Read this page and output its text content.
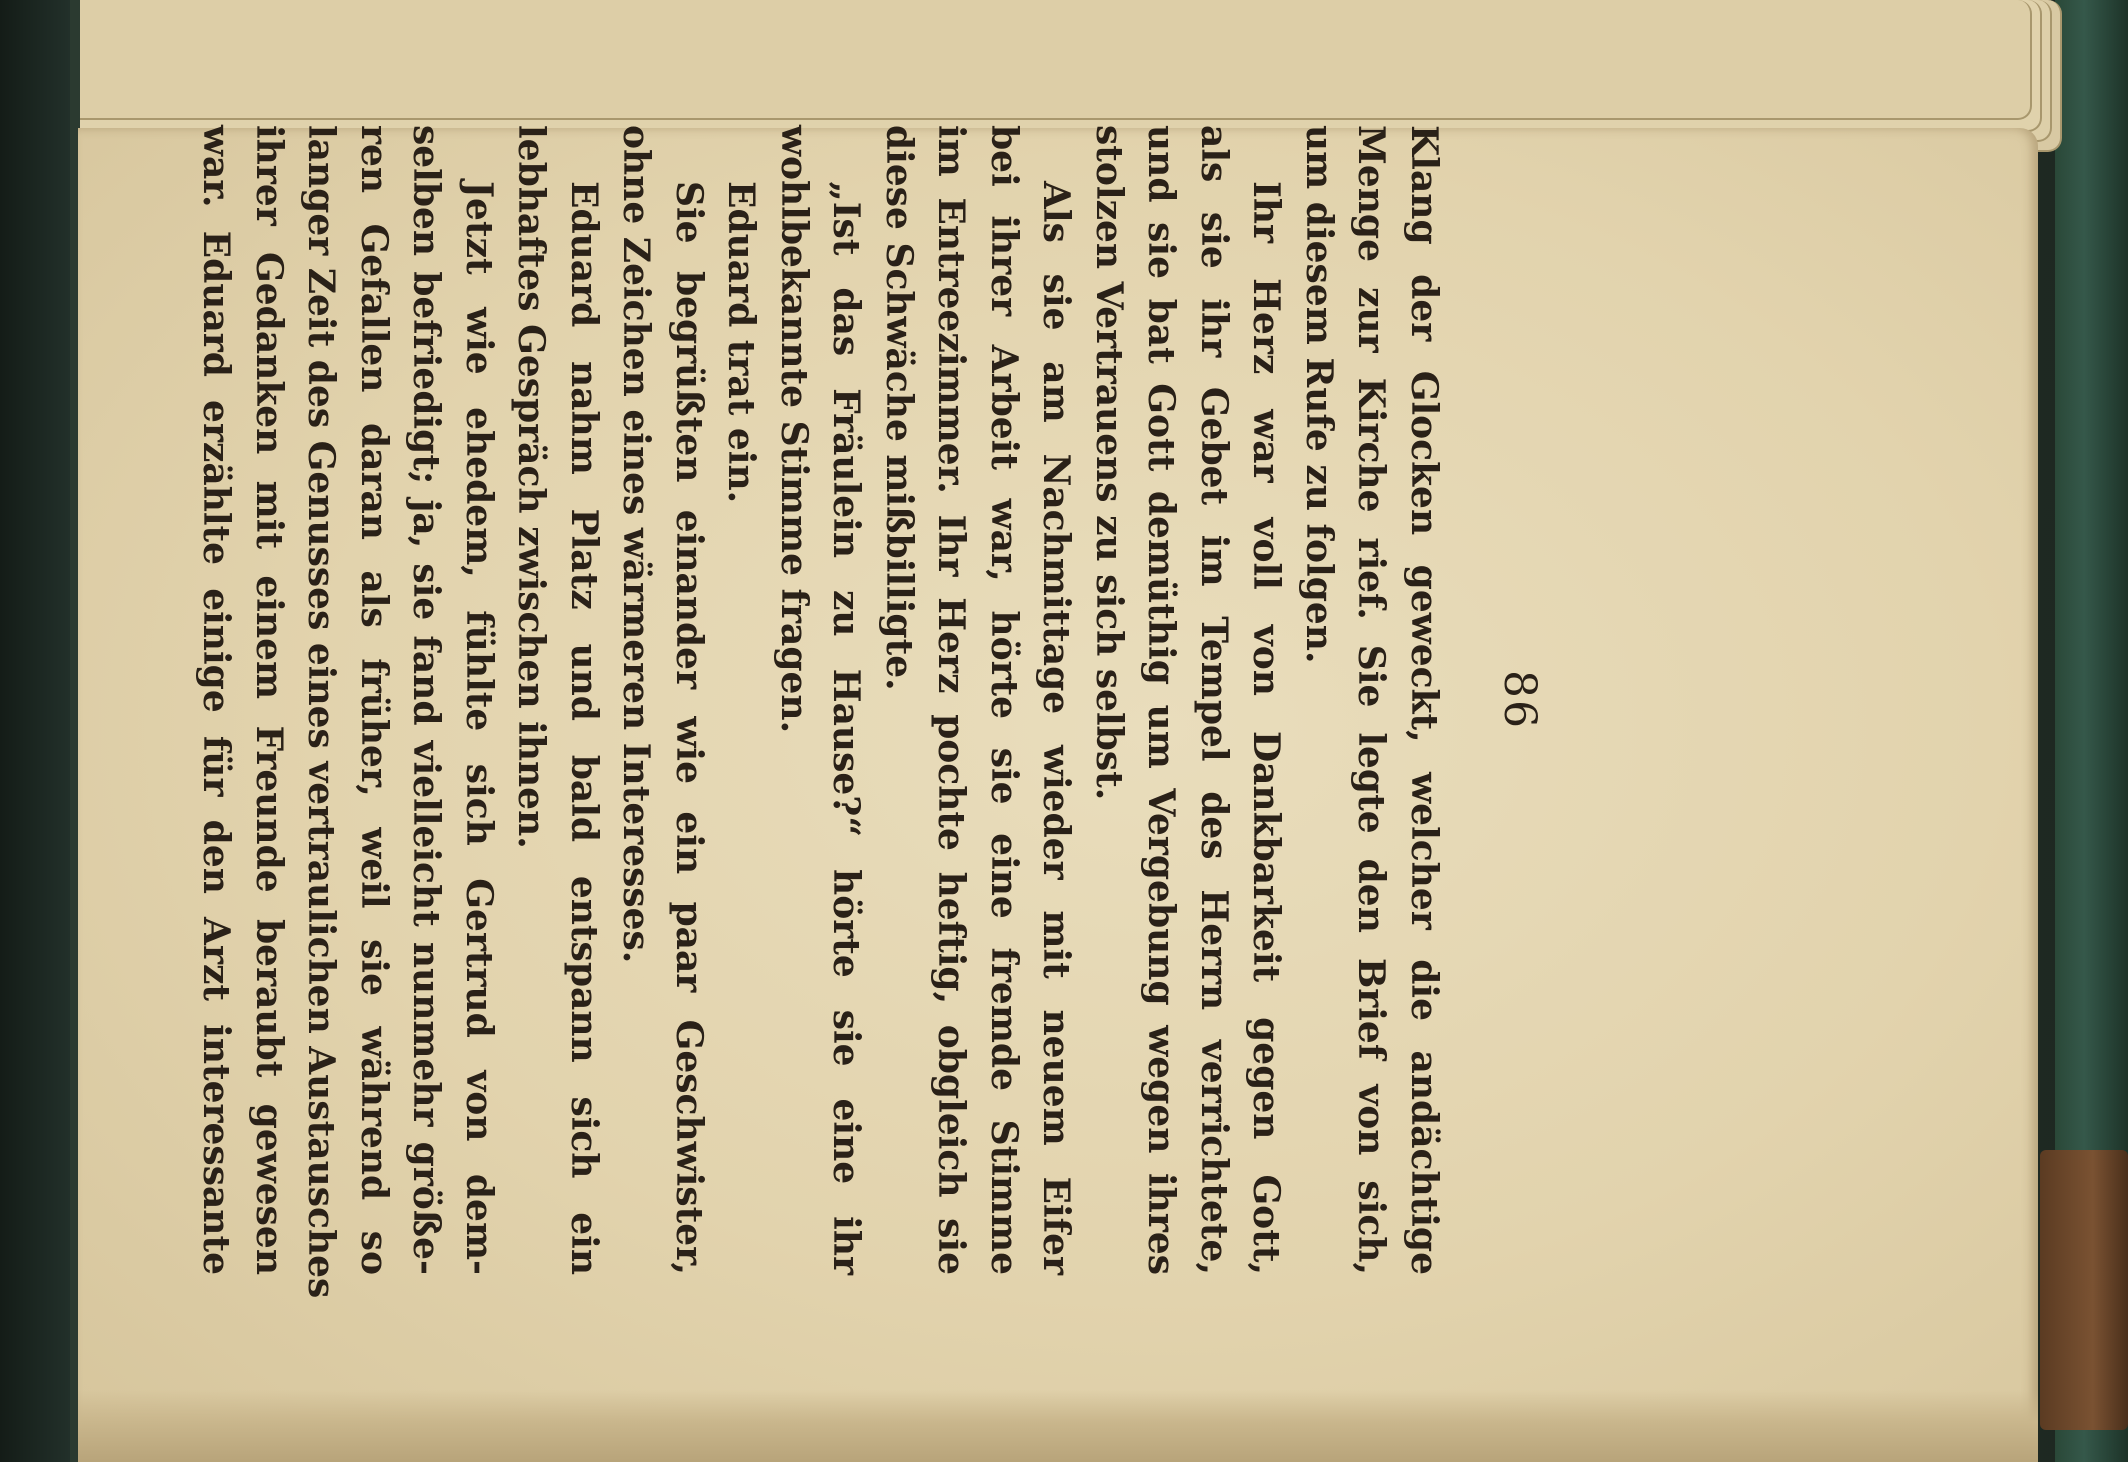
86
Klang der Glocken geweckt, welcher die andächtige
Menge zur Kirche rief. Sie legte den Brief von sich,
um diesem Rufe zu folgen.
Ihr Herz war voll von Dankbarkeit gegen Gott,
als sie ihr Gebet im Tempel des Herrn verrichtete,
und sie bat Gott demüthig um Vergebung wegen ihres
stolzen Vertrauens zu sich selbst.
Als sie am Nachmittage wieder mit neuem Eifer
bei ihrer Arbeit war, hörte sie eine fremde Stimme
im Entreezimmer. Ihr Herz pochte heftig, obgleich sie
diese Schwäche mißbilligte.
„Ist das Fräulein zu Hause?“ hörte sie eine ihr
wohlbekannte Stimme fragen.
Eduard trat ein.
Sie begrüßten einander wie ein paar Geschwister,
ohne Zeichen eines wärmeren Interesses.
Eduard nahm Platz und bald entspann sich ein
lebhaftes Gespräch zwischen ihnen.
Jetzt wie ehedem, fühlte sich Gertrud von dem-
selben befriedigt; ja, sie fand vielleicht nunmehr größe-
ren Gefallen daran als früher, weil sie während so
langer Zeit des Genusses eines vertraulichen Austausches
ihrer Gedanken mit einem Freunde beraubt gewesen
war. Eduard erzählte einige für den Arzt interessante
